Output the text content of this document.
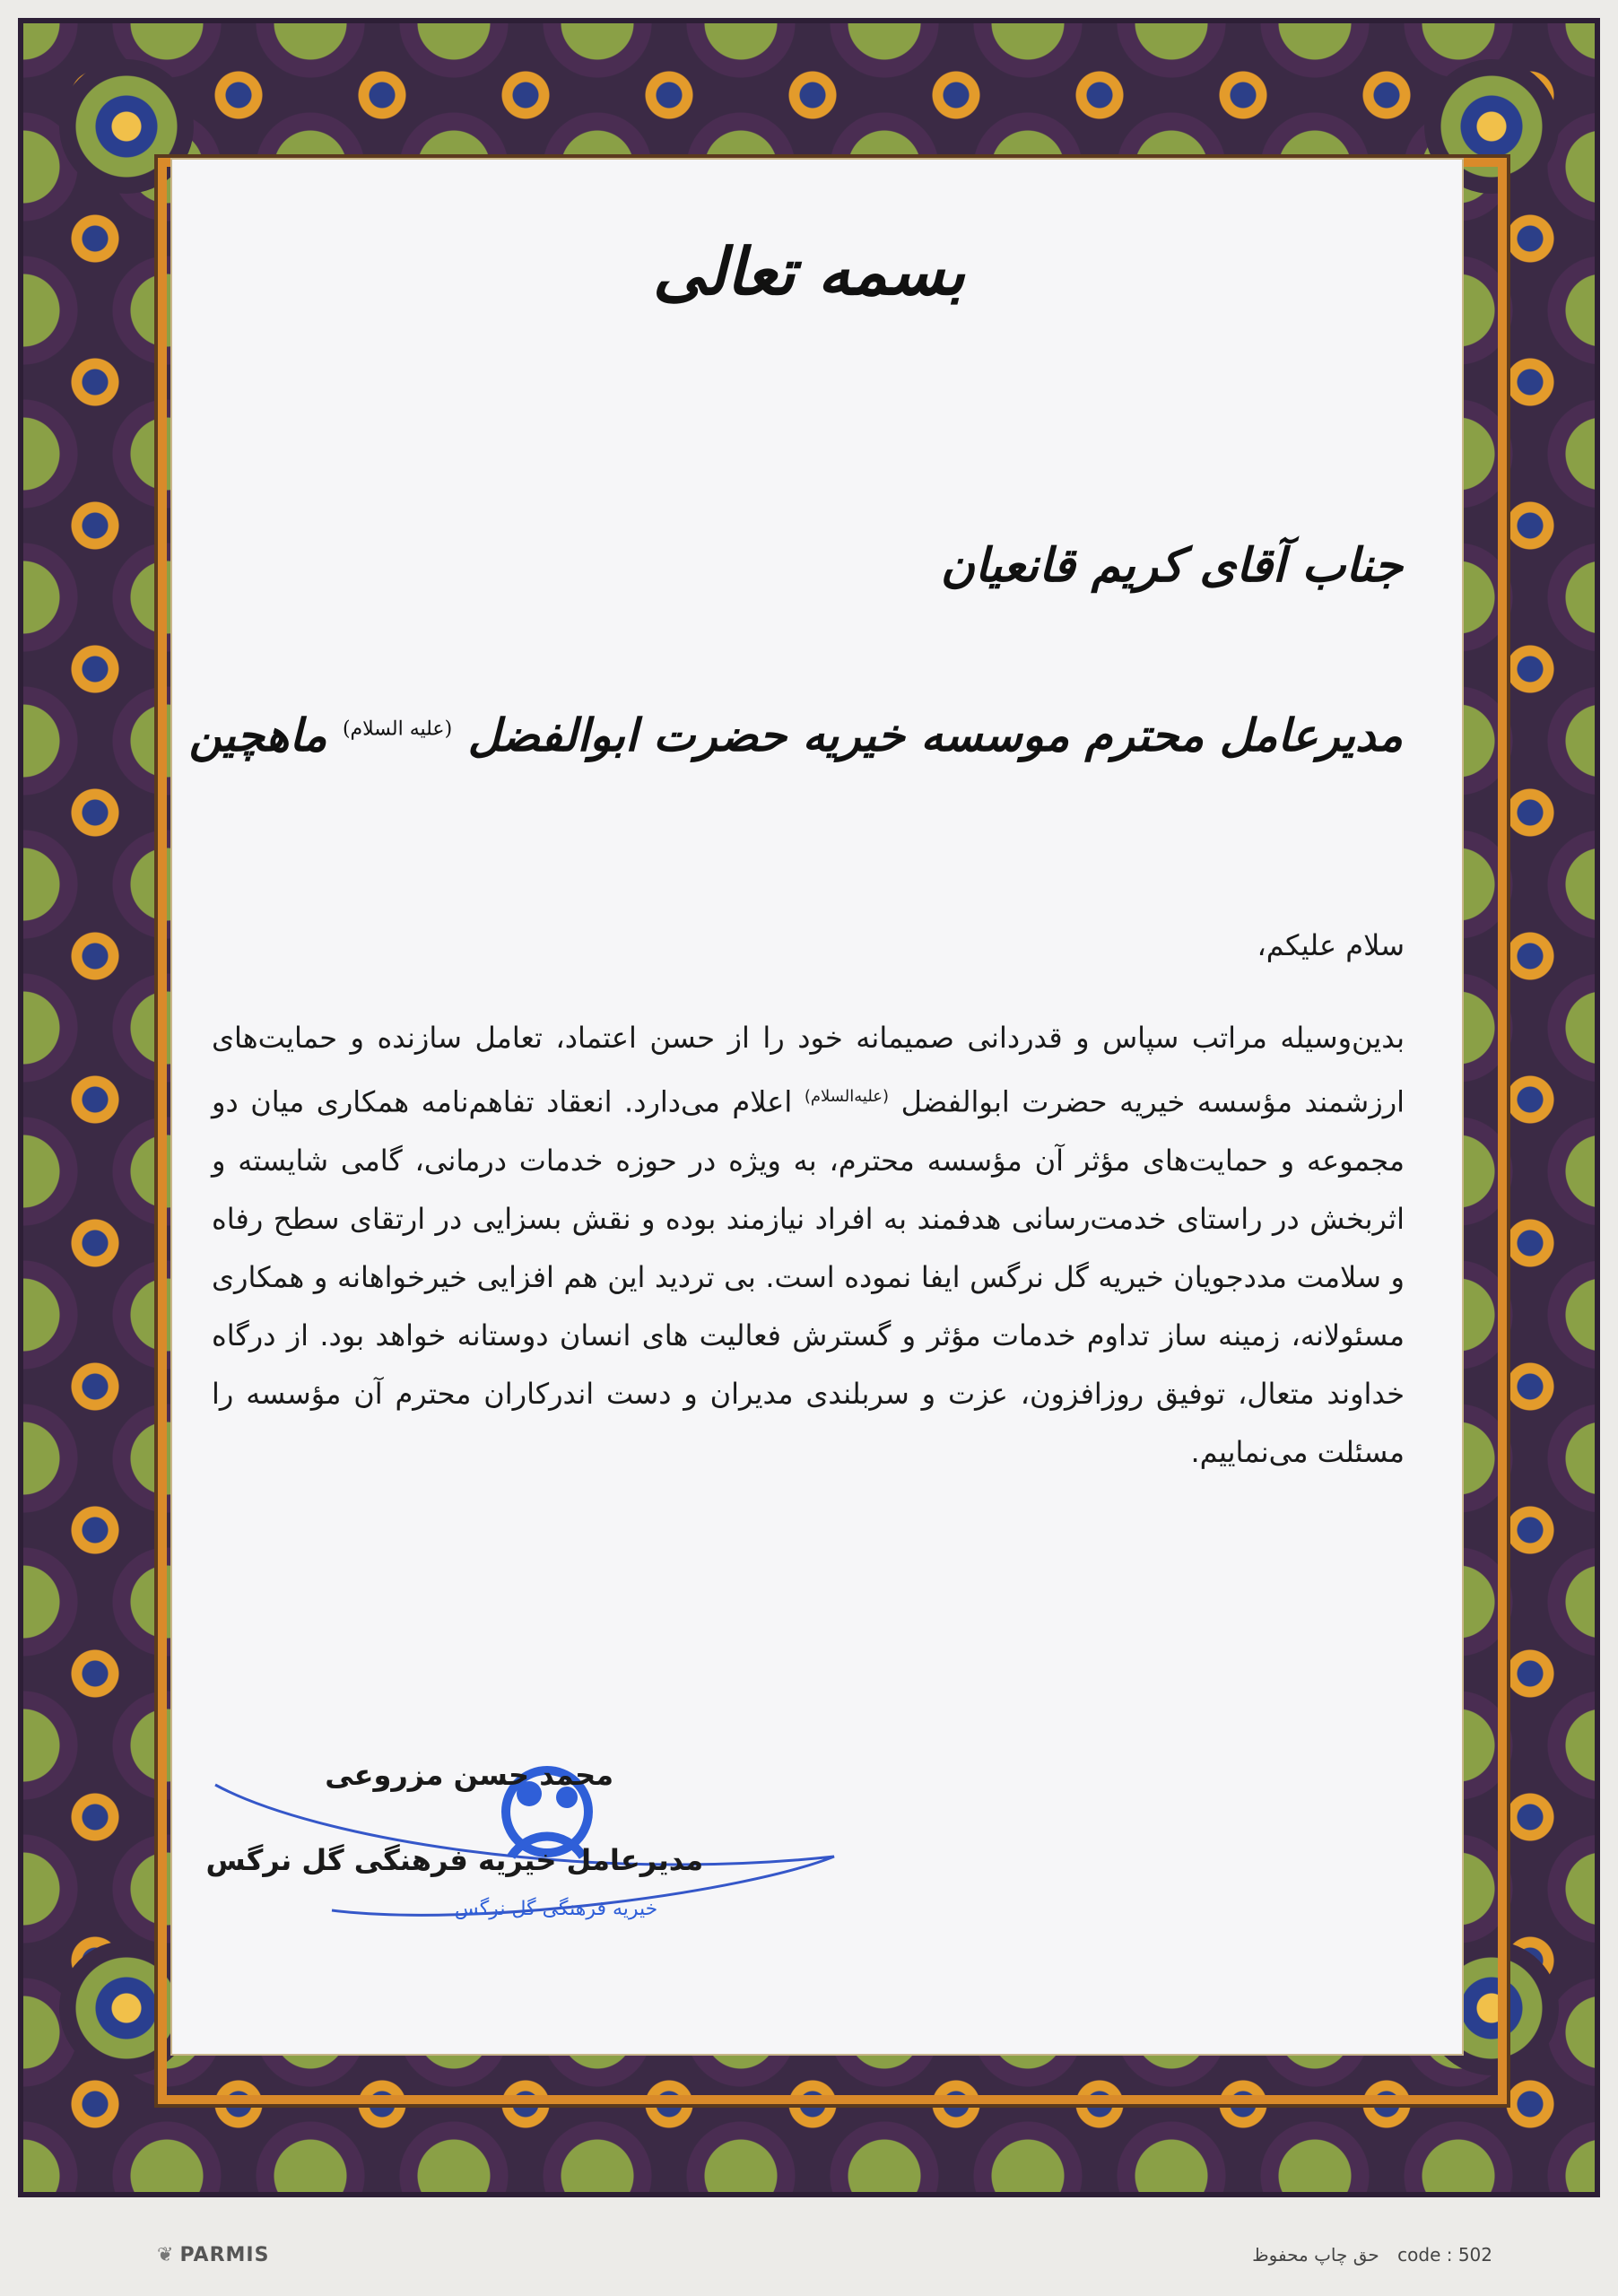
بسمه تعالی
جناب آقای کریم قانعیان
مدیرعامل محترم موسسه خیریه حضرت ابوالفضل $^{(علیه السلام)}$ ماهچین
سلام علیکم،
بدین‌وسیله مراتب سپاس و قدردانی صمیمانه خود را از حسن اعتماد، تعامل سازنده و حمایت‌های ارزشمند مؤسسه خیریه حضرت ابوالفضل $^{(علیه‌السلام)}$ اعلام می‌دارد. انعقاد تفاهم‌نامه همکاری میان دو مجموعه و حمایت‌های مؤثر آن مؤسسه محترم، به ویژه در حوزه خدمات درمانی، گامی شایسته و اثربخش در راستای خدمت‌رسانی هدفمند به افراد نیازمند بوده و نقش بسزایی در ارتقای سطح رفاه و سلامت مددجویان خیریه گل نرگس ایفا نموده است. بی تردید این هم افزایی خیرخواهانه و همکاری مسئولانه، زمینه ساز تداوم خدمات مؤثر و گسترش فعالیت های انسان دوستانه خواهد بود. از درگاه خداوند متعال، توفیق روزافزون، عزت و سربلندی مدیران و دست اندرکاران محترم آن مؤسسه را مسئلت می‌نماییم.
خیریه فرهنگی گل نرگس
محمد حسن مزروعی
مدیرعامل خیریه فرهنگی گل نرگس
❦ PARMIS	حق چاپ محفوظ code : 502
